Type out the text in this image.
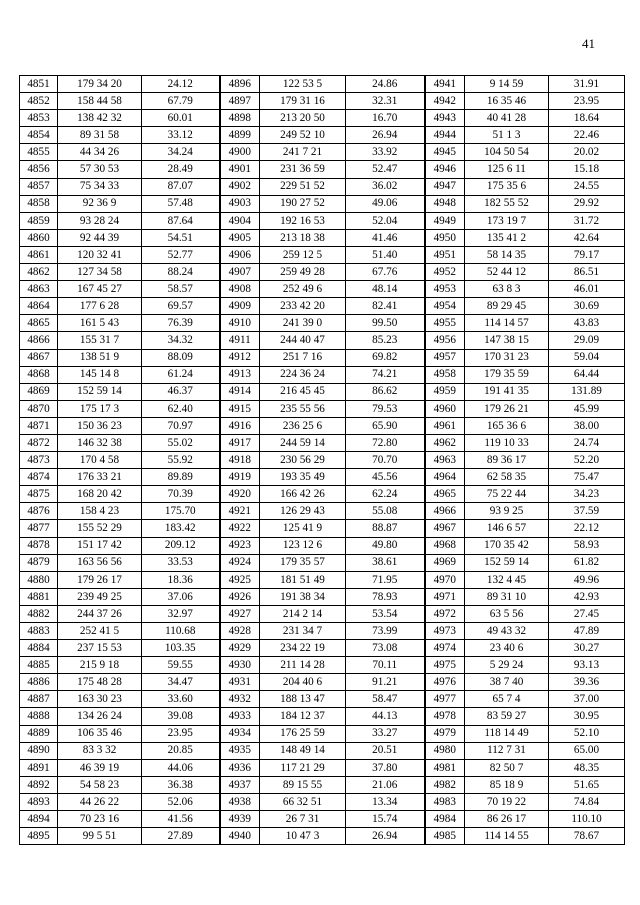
41
4851	179 34 20	24.12	4896	122 53 5	24.86	4941	9 14 59	31.91
4852	158 44 58	67.79	4897	179 31 16	32.31	4942	16 35 46	23.95
4853	138 42 32	60.01	4898	213 20 50	16.70	4943	40 41 28	18.64
4854	89 31 58	33.12	4899	249 52 10	26.94	4944	51 1 3	22.46
4855	44 34 26	34.24	4900	241 7 21	33.92	4945	104 50 54	20.02
4856	57 30 53	28.49	4901	231 36 59	52.47	4946	125 6 11	15.18
4857	75 34 33	87.07	4902	229 51 52	36.02	4947	175 35 6	24.55
4858	92 36 9	57.48	4903	190 27 52	49.06	4948	182 55 52	29.92
4859	93 28 24	87.64	4904	192 16 53	52.04	4949	173 19 7	31.72
4860	92 44 39	54.51	4905	213 18 38	41.46	4950	135 41 2	42.64
4861	120 32 41	52.77	4906	259 12 5	51.40	4951	58 14 35	79.17
4862	127 34 58	88.24	4907	259 49 28	67.76	4952	52 44 12	86.51
4863	167 45 27	58.57	4908	252 49 6	48.14	4953	63 8 3	46.01
4864	177 6 28	69.57	4909	233 42 20	82.41	4954	89 29 45	30.69
4865	161 5 43	76.39	4910	241 39 0	99.50	4955	114 14 57	43.83
4866	155 31 7	34.32	4911	244 40 47	85.23	4956	147 38 15	29.09
4867	138 51 9	88.09	4912	251 7 16	69.82	4957	170 31 23	59.04
4868	145 14 8	61.24	4913	224 36 24	74.21	4958	179 35 59	64.44
4869	152 59 14	46.37	4914	216 45 45	86.62	4959	191 41 35	131.89
4870	175 17 3	62.40	4915	235 55 56	79.53	4960	179 26 21	45.99
4871	150 36 23	70.97	4916	236 25 6	65.90	4961	165 36 6	38.00
4872	146 32 38	55.02	4917	244 59 14	72.80	4962	119 10 33	24.74
4873	170 4 58	55.92	4918	230 56 29	70.70	4963	89 36 17	52.20
4874	176 33 21	89.89	4919	193 35 49	45.56	4964	62 58 35	75.47
4875	168 20 42	70.39	4920	166 42 26	62.24	4965	75 22 44	34.23
4876	158 4 23	175.70	4921	126 29 43	55.08	4966	93 9 25	37.59
4877	155 52 29	183.42	4922	125 41 9	88.87	4967	146 6 57	22.12
4878	151 17 42	209.12	4923	123 12 6	49.80	4968	170 35 42	58.93
4879	163 56 56	33.53	4924	179 35 57	38.61	4969	152 59 14	61.82
4880	179 26 17	18.36	4925	181 51 49	71.95	4970	132 4 45	49.96
4881	239 49 25	37.06	4926	191 38 34	78.93	4971	89 31 10	42.93
4882	244 37 26	32.97	4927	214 2 14	53.54	4972	63 5 56	27.45
4883	252 41 5	110.68	4928	231 34 7	73.99	4973	49 43 32	47.89
4884	237 15 53	103.35	4929	234 22 19	73.08	4974	23 40 6	30.27
4885	215 9 18	59.55	4930	211 14 28	70.11	4975	5 29 24	93.13
4886	175 48 28	34.47	4931	204 40 6	91.21	4976	38 7 40	39.36
4887	163 30 23	33.60	4932	188 13 47	58.47	4977	65 7 4	37.00
4888	134 26 24	39.08	4933	184 12 37	44.13	4978	83 59 27	30.95
4889	106 35 46	23.95	4934	176 25 59	33.27	4979	118 14 49	52.10
4890	83 3 32	20.85	4935	148 49 14	20.51	4980	112 7 31	65.00
4891	46 39 19	44.06	4936	117 21 29	37.80	4981	82 50 7	48.35
4892	54 58 23	36.38	4937	89 15 55	21.06	4982	85 18 9	51.65
4893	44 26 22	52.06	4938	66 32 51	13.34	4983	70 19 22	74.84
4894	70 23 16	41.56	4939	26 7 31	15.74	4984	86 26 17	110.10
4895	99 5 51	27.89	4940	10 47 3	26.94	4985	114 14 55	78.67
